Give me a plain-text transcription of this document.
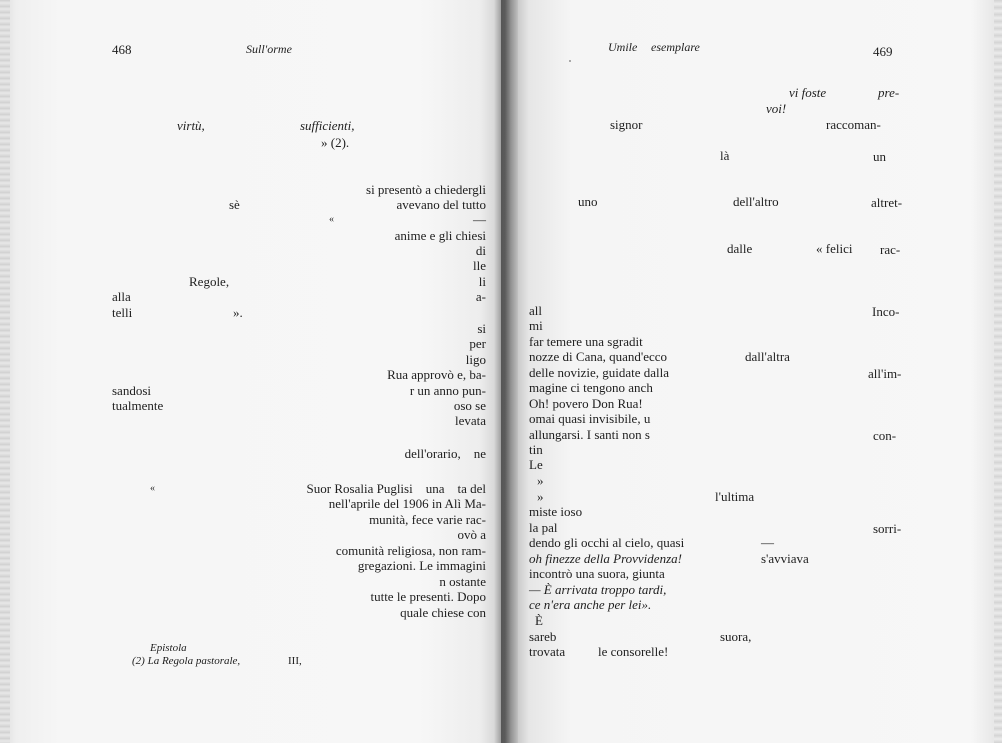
468	Sull'orme
virtù,	sufficienti,
» (2).
si presentò a chiedergli
sè	avevano del tutto
«	—
anime e gli chiesi
di
lle
Regole,	li
alla	a-
telli	».
si
per
ligo
Rua approvò e, ba-
sandosi	r un anno pun-
tualmente	oso se
levata
dell'orario,    ne
«	Suor Rosalia Puglisi    una    ta del
nell'aprile del 1906 in Alì Ma-
munità, fece varie rac-
ovò a
comunità religiosa, non ram-
gregazioni. Le immagini
n ostante
tutte le presenti. Dopo
quale chiese con
Epistola
(2) La Regola pastorale,	III,
Umile esemplare	469
vi foste	pre-
voi!
signor	raccoman-
là	un
uno	dell'altro	altret-
dalle	« felici rac-
all	Inco-
mi
far temere una sgradit
nozze di Cana, quand'ecco	dall'altra
delle novizie, guidate dalla	all'im-
magine ci tengono anch
Oh! povero Don Rua!
omai quasi invisibile, u
allungarsi. I santi non s	con-
tin
Le
»
»	l'ultima
miste ioso
la pal	sorri-
dendo gli occhi al cielo, quasi	—
oh finezze della Provvidenza!	s'avviava
incontrò una suora, giunta
— È arrivata troppo tardi,
ce n'era anche per lei».
È
sareb	suora,
trovata	le consorelle!
